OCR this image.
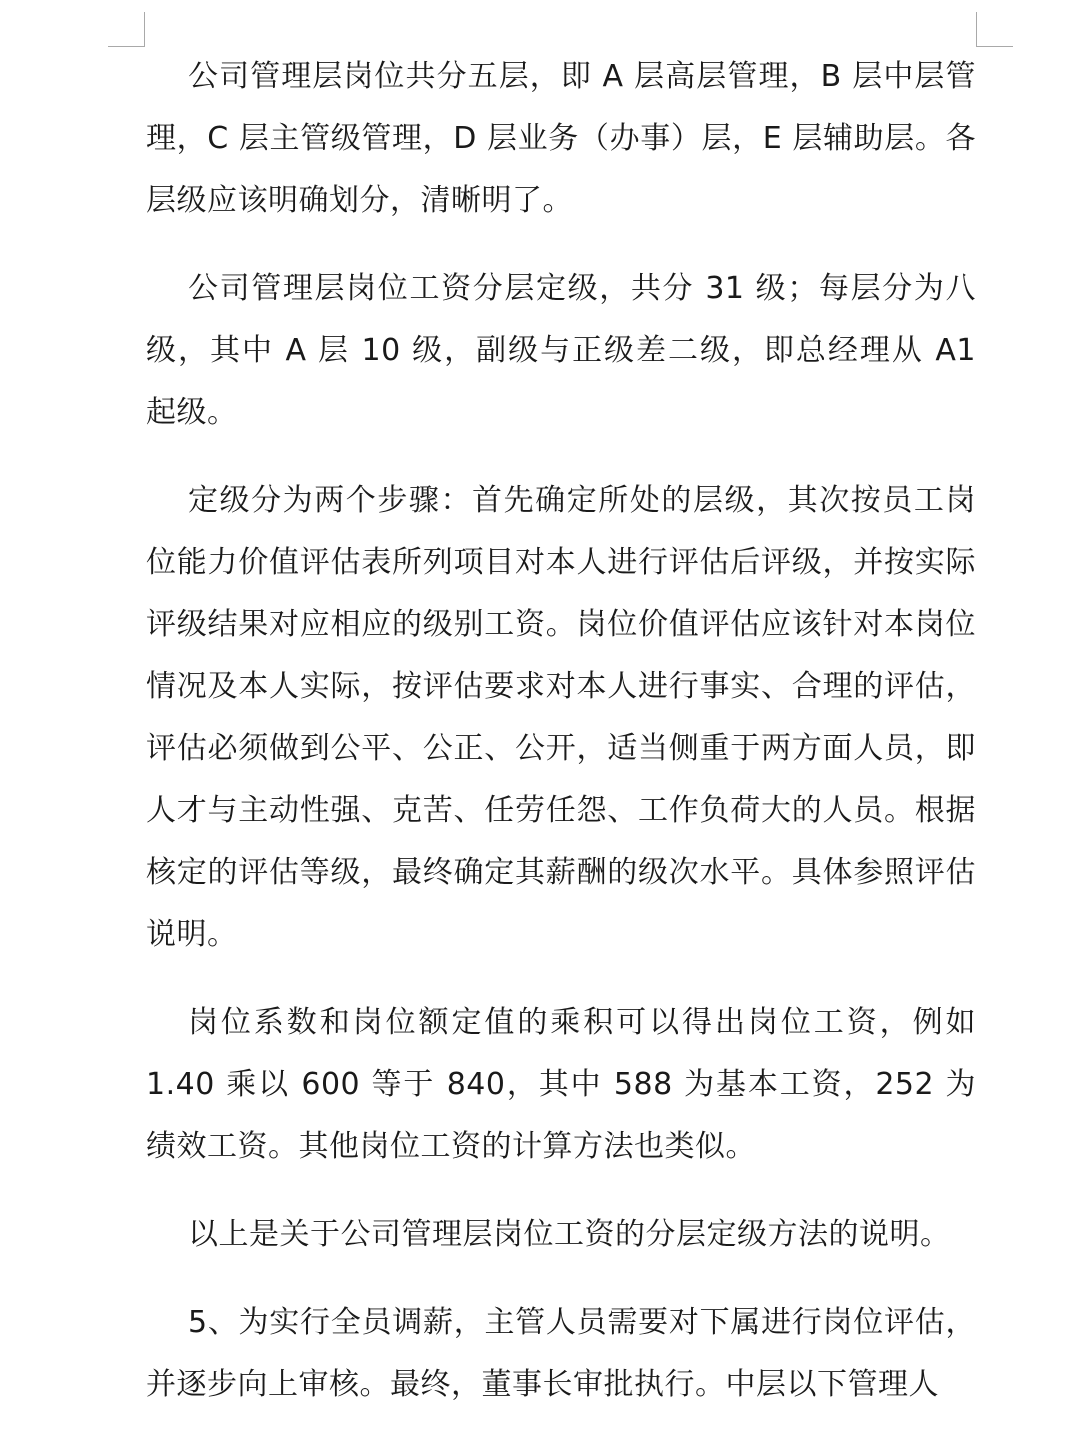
公司管理层岗位共分五层，即 A 层高层管理，B 层中层管理，C 层主管级管理，D 层业务（办事）层，E 层辅助层。各层级应该明确划分，清晰明了。

公司管理层岗位工资分层定级，共分 31 级；每层分为八级，其中 A 层 10 级，副级与正级差二级，即总经理从 A1 起级。

定级分为两个步骤：首先确定所处的层级，其次按员工岗位能力价值评估表所列项目对本人进行评估后评级，并按实际评级结果对应相应的级别工资。岗位价值评估应该针对本岗位情况及本人实际，按评估要求对本人进行事实、合理的评估，评估必须做到公平、公正、公开，适当侧重于两方面人员，即人才与主动性强、克苦、任劳任怨、工作负荷大的人员。根据核定的评估等级，最终确定其薪酬的级次水平。具体参照评估说明。

岗位系数和岗位额定值的乘积可以得出岗位工资，例如 1.40 乘以 600 等于 840，其中 588 为基本工资，252 为绩效工资。其他岗位工资的计算方法也类似。

以上是关于公司管理层岗位工资的分层定级方法的说明。

5、为实行全员调薪，主管人员需要对下属进行岗位评估，并逐步向上审核。最终，董事长审批执行。中层以下管理人
